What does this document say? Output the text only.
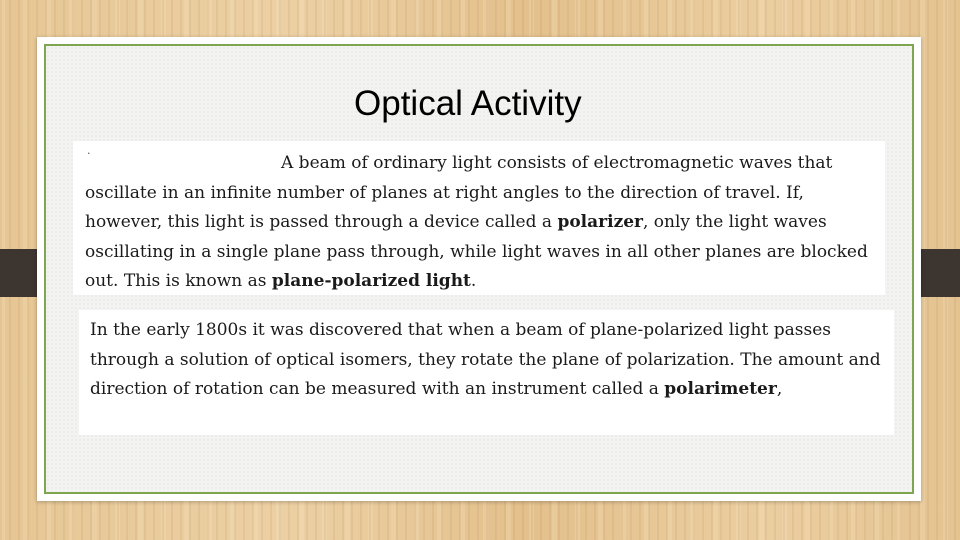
Optical Activity
·	A beam of ordinary light consists of electromagnetic waves that oscillate in an infinite number of planes at right angles to the direction of travel. If, however, this light is passed through a device called a polarizer, only the light waves oscillating in a single plane pass through, while light waves in all other planes are blocked out. This is known as plane-polarized light.

In the early 1800s it was discovered that when a beam of plane-polarized light passes through a solution of optical isomers, they rotate the plane of polarization. The amount and direction of rotation can be measured with an instrument called a polarimeter,
